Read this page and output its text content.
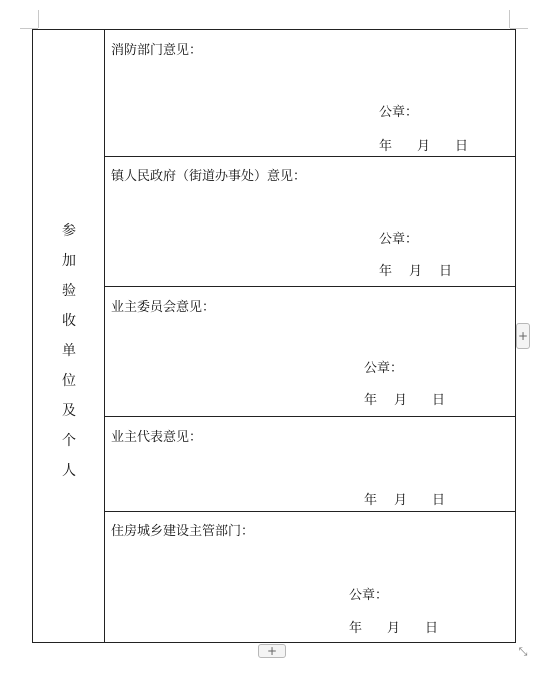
参
加
验
收
单
位
及
个
人
消防部门意见：
公章：
年 月 日
镇人民政府（街道办事处）意见：
公章：
年 月 日
业主委员会意见：
公章：
年 月 日
业主代表意见：
年 月 日
住房城乡建设主管部门：
公章：
年 月 日
+
+	⤡
